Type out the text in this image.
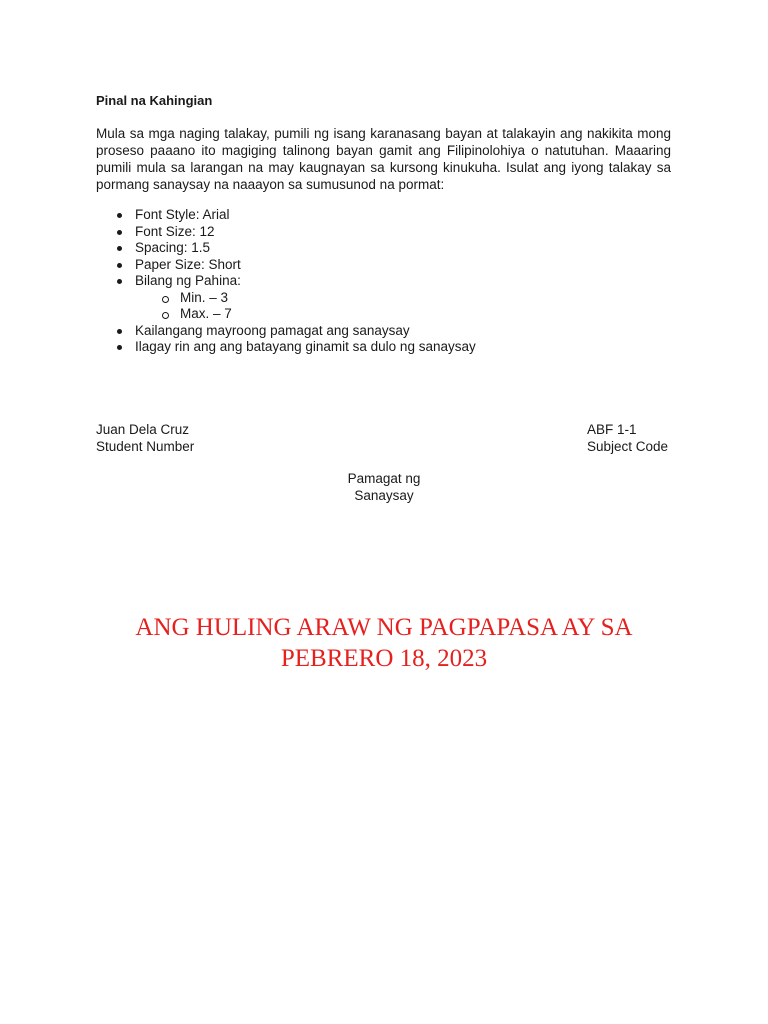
Pinal na Kahingian

Mula sa mga naging talakay, pumili ng isang karanasang bayan at talakayin ang nakikita mong proseso paaano ito magiging talinong bayan gamit ang Filipinolohiya o natutuhan. Maaaring pumili mula sa larangan na may kaugnayan sa kursong kinukuha. Isulat ang iyong talakay sa pormang sanaysay na naaayon sa sumusunod na pormat:

Font Style: Arial
Font Size: 12
Spacing: 1.5
Paper Size: Short
Bilang ng Pahina:
Min. – 3
Max. – 7
Kailangang mayroong pamagat ang sanaysay
Ilagay rin ang ang batayang ginamit sa dulo ng sanaysay
Juan Dela Cruz
Student Number
ABF 1-1
Subject Code
Pamagat ng
Sanaysay
ANG HULING ARAW NG PAGPAPASA AY SA
PEBRERO 18, 2023
